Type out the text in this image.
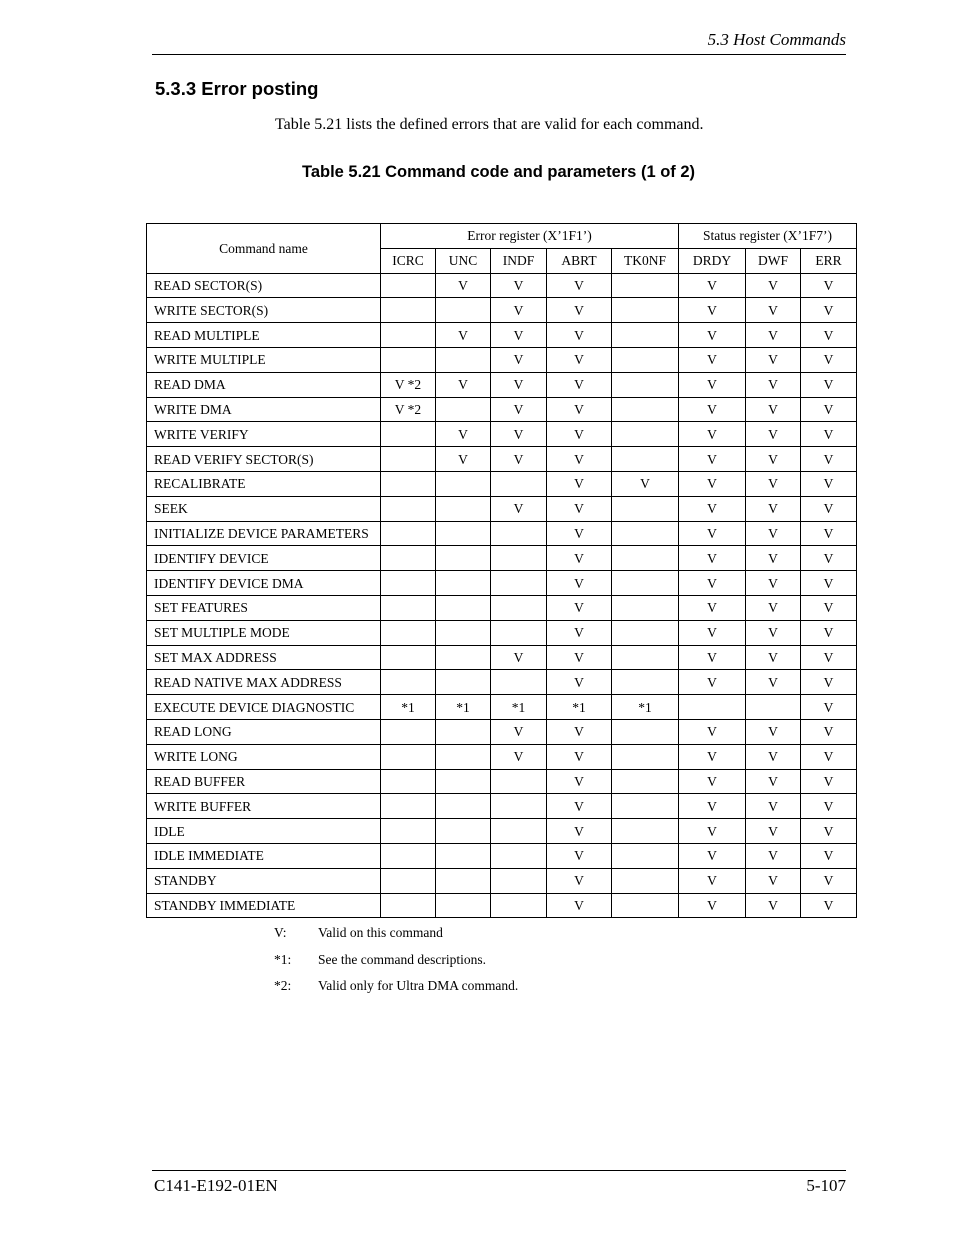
5.3 Host Commands
5.3.3 Error posting

Table 5.21 lists the defined errors that are valid for each command.

Table 5.21 Command code and parameters (1 of 2)

Command name	Error register (X’1F1’)					Status register (X’1F7’)		
	ICRC	UNC	INDF	ABRT	TK0NF	DRDY	DWF	ERR
READ SECTOR(S)		V	V	V		V	V	V
WRITE SECTOR(S)			V	V		V	V	V
READ MULTIPLE		V	V	V		V	V	V
WRITE MULTIPLE			V	V		V	V	V
READ DMA	V *2	V	V	V		V	V	V
WRITE DMA	V *2		V	V		V	V	V
WRITE VERIFY		V	V	V		V	V	V
READ VERIFY SECTOR(S)		V	V	V		V	V	V
RECALIBRATE				V	V	V	V	V
SEEK			V	V		V	V	V
INITIALIZE DEVICE PARAMETERS				V		V	V	V
IDENTIFY DEVICE				V		V	V	V
IDENTIFY DEVICE DMA				V		V	V	V
SET FEATURES				V		V	V	V
SET MULTIPLE MODE				V		V	V	V
SET MAX ADDRESS			V	V		V	V	V
READ NATIVE MAX ADDRESS				V		V	V	V
EXECUTE DEVICE DIAGNOSTIC	*1	*1	*1	*1	*1			V
READ LONG			V	V		V	V	V
WRITE LONG			V	V		V	V	V
READ BUFFER				V		V	V	V
WRITE BUFFER				V		V	V	V
IDLE				V		V	V	V
IDLE IMMEDIATE				V		V	V	V
STANDBY				V		V	V	V
STANDBY IMMEDIATE				V		V	V	V
V: Valid on this command
*1: See the command descriptions.
*2: Valid only for Ultra DMA command.
C141-E192-01EN	5-107
